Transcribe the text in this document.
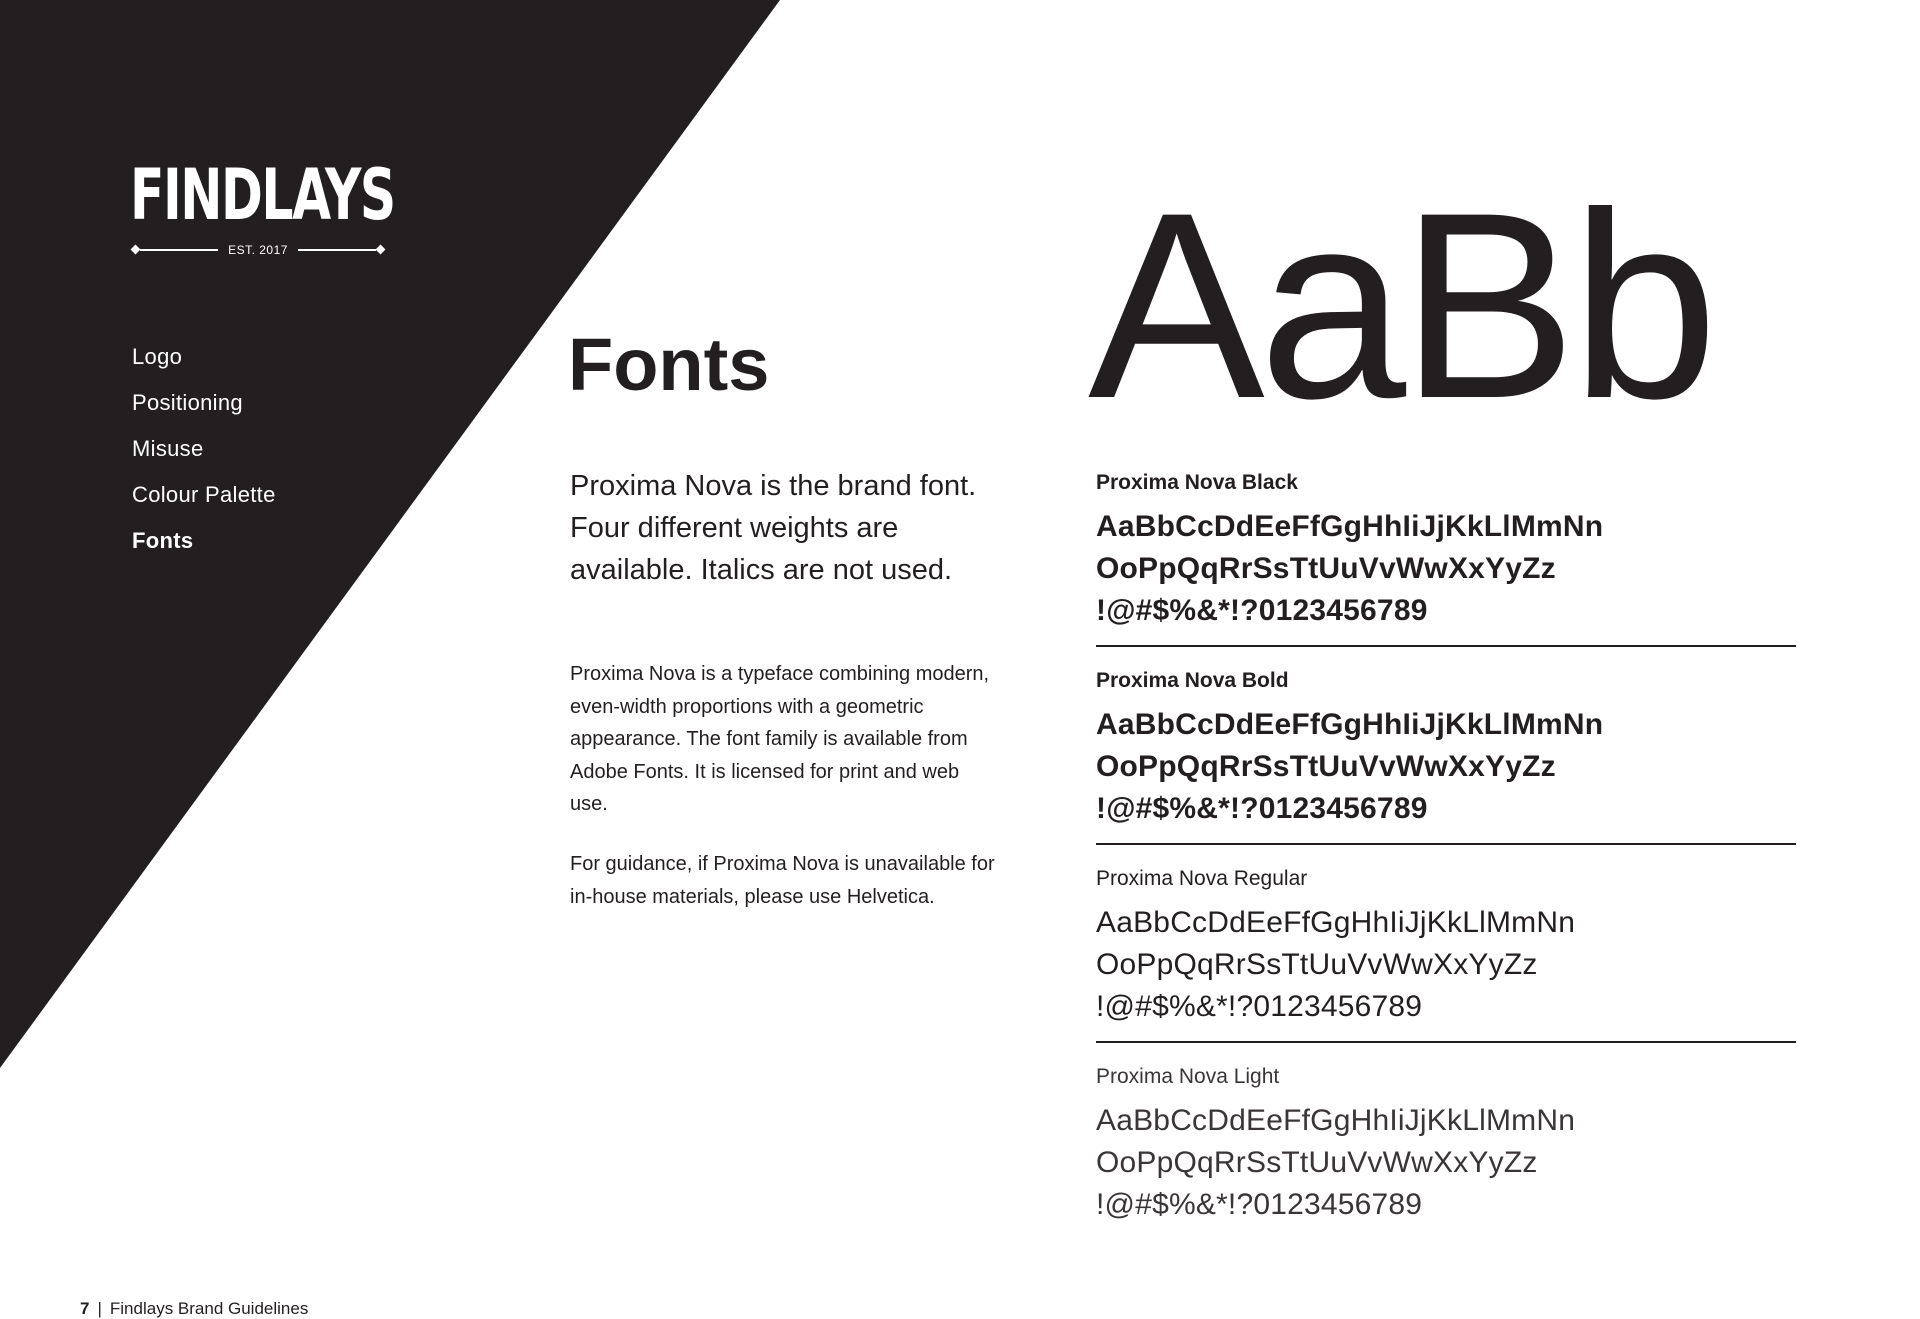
FINDLAYS
EST. 2017
Logo
Positioning
Misuse
Colour Palette
Fonts
Fonts

Proxima Nova is the brand font. Four different weights are available. Italics are not used.

Proxima Nova is a typeface combining modern, even-width proportions with a geometric appearance. The font family is available from Adobe Fonts. It is licensed for print and web use.

For guidance, if Proxima Nova is unavailable for in-house materials, please use Helvetica.

AaBb

Proxima Nova Black

AaBbCcDdEeFfGgHhIiJjKkLlMmNn

OoPpQqRrSsTtUuVvWwXxYyZz

!@#$%&*!?0123456789

Proxima Nova Bold

AaBbCcDdEeFfGgHhIiJjKkLlMmNn

OoPpQqRrSsTtUuVvWwXxYyZz

!@#$%&*!?0123456789

Proxima Nova Regular

AaBbCcDdEeFfGgHhIiJjKkLlMmNn

OoPpQqRrSsTtUuVvWwXxYyZz

!@#$%&*!?0123456789

Proxima Nova Light

AaBbCcDdEeFfGgHhIiJjKkLlMmNn

OoPpQqRrSsTtUuVvWwXxYyZz

!@#$%&*!?0123456789

7 | Findlays Brand Guidelines
